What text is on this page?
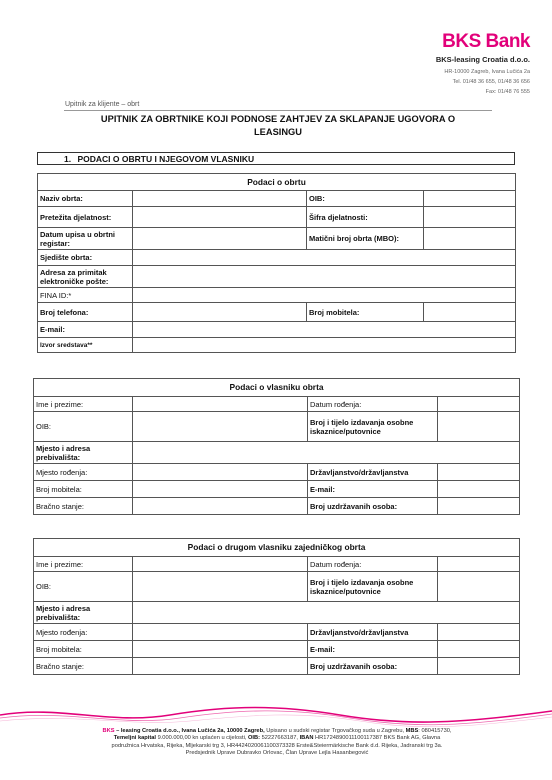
BKS Bank
BKS-leasing Croatia d.o.o.
HR-10000 Zagreb, Ivana Lučića 2a
Tel. 01/48 36 655, 01/48 36 656
Fax: 01/48 76 555
Upitnik za klijente – obrt
UPITNIK ZA OBRTNIKE KOJI PODNOSE ZAHTJEV ZA SKLAPANJE UGOVORA O LEASINGU
1. PODACI O OBRTU I NJEGOVOM VLASNIKU
Podaci o obrtu			
Naziv obrta:		OIB:	
Pretežita djelatnost:		Šifra djelatnosti:	
Datum upisa u obrtni registar:		Matični broj obrta (MBO):	
Sjedište obrta:			
Adresa za primitak elektroničke pošte:			
FINA ID:*			
Broj telefona:		Broj mobitela:	
E-mail:			
Izvor sredstava**			
Podaci o vlasniku obrta			
Ime i prezime:		Datum rođenja:	
OIB:		Broj i tijelo izdavanja osobne iskaznice/putovnice	
Mjesto i adresa prebivališta:			
Mjesto rođenja:		Državljanstvo/državljanstva	
Broj mobitela:		E-mail:	
Bračno stanje:		Broj uzdržavanih osoba:	
Podaci o drugom vlasniku zajedničkog obrta			
Ime i prezime:		Datum rođenja:	
OIB:		Broj i tijelo izdavanja osobne iskaznice/putovnice	
Mjesto i adresa prebivališta:			
Mjesto rođenja:		Državljanstvo/državljanstva	
Broj mobitela:		E-mail:	
Bračno stanje:		Broj uzdržavanih osoba:	
BKS – leasing Croatia d.o.o., Ivana Lučića 2a, 10000 Zagreb, Upisano u sudski registar Trgovačkog suda u Zagrebu, MBS: 080415730,
Temeljni kapital 9.000.000,00 kn uplaćen u cijelosti, OIB: 52227663187, IBAN HR1724890011100117387 BKS Bank AG, Glavna
podružnica Hrvatska, Rijeka, Mljekarski trg 3, HR4424020061100373328 Erste&Steiermärkische Bank d.d. Rijeka, Jadranski trg 3a.
Predsjednik Uprave Dubravko Orlovac, Član Uprave Lejla Hasanbegović
